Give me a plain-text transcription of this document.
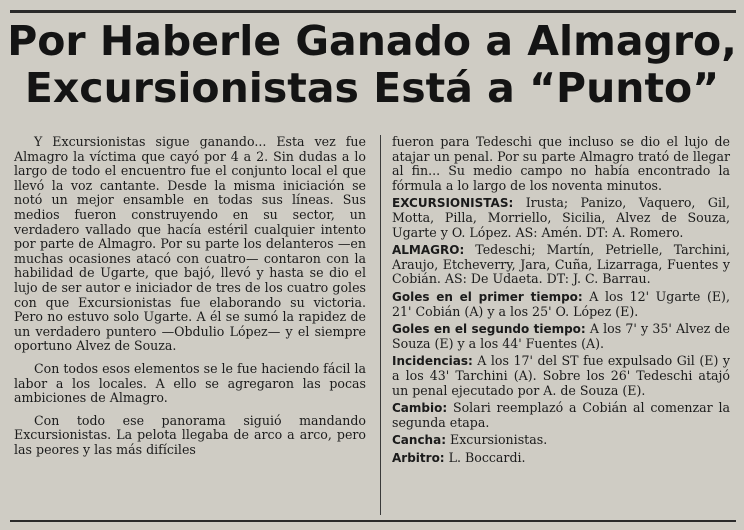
Por Haberle Ganado a Almagro,
Excursionistas Está a “Punto”

Y Excursionistas sigue ganando... Esta vez fue Almagro la víctima que cayó por 4 a 2. Sin dudas a lo largo de todo el encuentro fue el conjunto local el que llevó la voz cantante. Desde la misma iniciación se notó un mejor ensamble en todas sus líneas. Sus medios fueron construyendo en su sector, un verdadero vallado que hacía estéril cualquier intento por parte de Almagro. Por su parte los delanteros —en muchas ocasiones atacó con cuatro— contaron con la habilidad de Ugarte, que bajó, llevó y hasta se dio el lujo de ser autor e iniciador de tres de los cuatro goles con que Excursionistas fue elaborando su victoria. Pero no estuvo solo Ugarte. A él se sumó la rapidez de un verdadero puntero —Obdulio López— y el siempre oportuno Alvez de Souza.

Con todos esos elementos se le fue haciendo fácil la labor a los locales. A ello se agregaron las pocas ambiciones de Almagro.

Con todo ese panorama siguió mandando Excursionistas. La pelota llegaba de arco a arco, pero las peores y las más difíciles

fueron para Tedeschi que incluso se dio el lujo de atajar un penal. Por su parte Almagro trató de llegar al fin... Su medio campo no había encontrado la fórmula a lo largo de los noventa minutos.

EXCURSIONISTAS: Irusta; Panizo, Vaquero, Gil, Motta, Pilla, Morriello, Sicilia, Alvez de Souza, Ugarte y O. López. AS: Amén. DT: A. Romero.

ALMAGRO: Tedeschi; Martín, Petrielle, Tarchini, Araujo, Etcheverry, Jara, Cuña, Lizarraga, Fuentes y Cobián. AS: De Udaeta. DT: J. C. Barrau.

Goles en el primer tiempo: A los 12' Ugarte (E), 21' Cobián (A) y a los 25' O. López (E).

Goles en el segundo tiempo: A los 7' y 35' Alvez de Souza (E) y a los 44' Fuentes (A).

Incidencias: A los 17' del ST fue expulsado Gil (E) y a los 43' Tarchini (A). Sobre los 26' Tedeschi atajó un penal ejecutado por A. de Souza (E).

Cambio: Solari reemplazó a Cobián al comenzar la segunda etapa.

Cancha: Excursionistas.

Arbitro: L. Boccardi.
